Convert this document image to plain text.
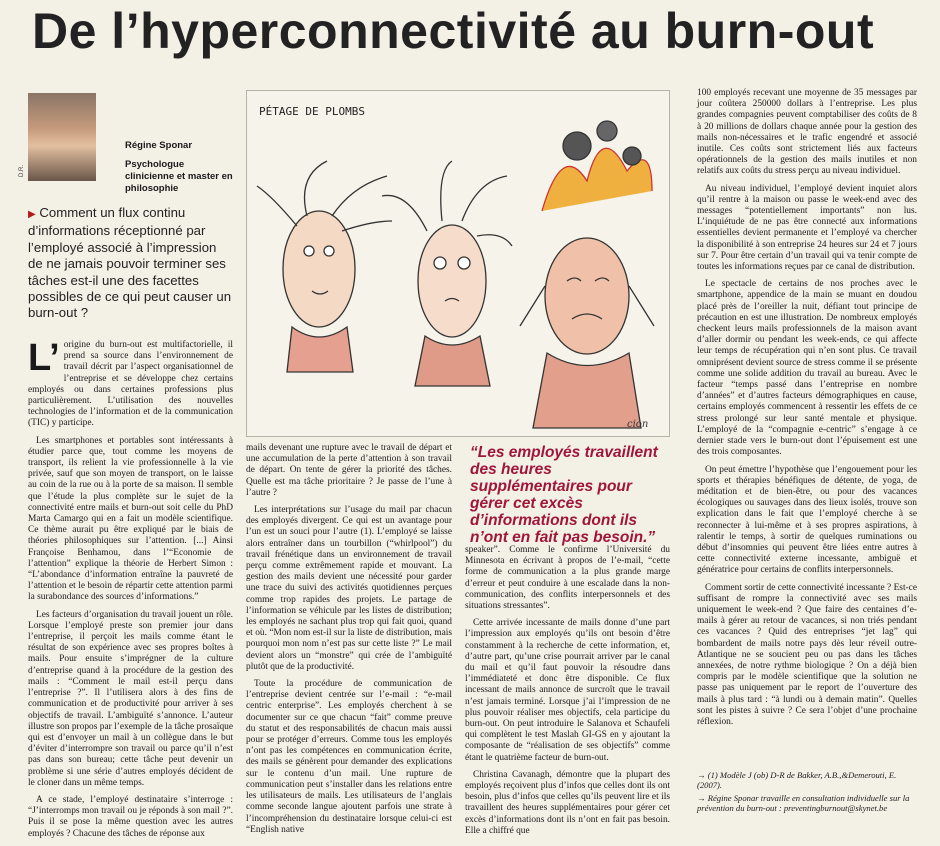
De l’hyperconnectivité au burn-out
D.R.
Régine Sponar
Psychologue clinicienne et master en philosophie
▶ Comment un flux continu d’informations réceptionné par l’employé associé à l’impression de ne jamais pouvoir terminer ses tâches est-il une des facettes possibles de ce qui peut causer un burn-out ?
PÉTAGE DE PLOMBS
cion

L’ origine du burn-out est multifactorielle, il prend sa source dans l’environnement de travail décrit par l’aspect organisationnel de l’entreprise et se développe chez certains employés ou dans certaines professions plus particulièrement. L’utilisation des nouvelles technologies de l’information et de la communication (TIC) y participe.

Les smartphones et portables sont intéressants à étudier parce que, tout comme les moyens de transport, ils relient la vie professionnelle à la vie privée, sauf que son moyen de transport, on le laisse au coin de la rue ou à la porte de sa maison. Il semble que l’étude la plus complète sur le sujet de la connectivité entre mails et burn-out soit celle du PhD Marta Camargo qui en a fait un modèle scientifique. Ce thème aurait pu être expliqué par le biais de théories philosophiques sur l’attention. [...] Ainsi Françoise Benhamou, dans l’“Economie de l’attention” explique la théorie de Herbert Simon : “L’abondance d’information entraîne la pauvreté de l’attention et le besoin de répartir cette attention parmi la surabondance des sources d’informations.”

Les facteurs d’organisation du travail jouent un rôle. Lorsque l’employé preste son premier jour dans l’entreprise, il perçoit les mails comme étant le résultat de son expérience avec ses propres boîtes à mails. Pour ensuite s’imprégner de la culture d’entreprise quand à la procédure de la gestion des mails : “Comment le mail est-il perçu dans l’entreprise ?”. Il l’utilisera alors à des fins de communication et de productivité pour arriver à ses objectifs de travail. L’ambiguïté s’annonce. L’auteur illustre son propos par l’exemple de la tâche prosaïque qui est d’envoyer un mail à un collègue dans le but d’éviter d’interrompre son travail ou parce qu’il n’est pas dans son bureau; cette tâche peut devenir un problème si une série d’autres employés décident de le cloner dans un même temps.

A ce stade, l’employé destinataire s’interroge : “J’interromps mon travail ou je réponds à son mail ?”. Puis il se pose la même question avec les autres employés ? Chacune des tâches de réponse aux

mails devenant une rupture avec le travail de départ et une accumulation de la perte d’attention à son travail de départ. On tente de gérer la priorité des tâches. Quelle est ma tâche prioritaire ? Je passe de l’une à l’autre ?

Les interprétations sur l’usage du mail par chacun des employés divergent. Ce qui est un avantage pour l’un est un souci pour l’autre (1). L’employé se laisse alors entraîner dans un tourbillon (“whirlpool”) du travail frénétique dans un environnement de travail perçu comme extrêmement rapide et mouvant. La gestion des mails devient une nécessité pour garder une trace du suivi des activités quotidiennes perçues comme trop rapides des projets. Le partage de l’information se véhicule par les listes de distribution; les employés ne sachant plus trop qui fait quoi, quand et où. “Mon nom est-il sur la liste de distribution, mais pourquoi mon nom n’est pas sur cette liste ?” Le mail devient alors un “monstre” qui crée de l’ambiguïté plutôt que de la productivité.

Toute la procédure de communication de l’entreprise devient centrée sur l’e-mail : “e-mail centric enterprise”. Les employés cherchent à se documenter sur ce que chacun “fait” comme preuve du statut et des responsabilités de chacun mais aussi pour se protéger d’erreurs. Comme tous les employés n’ont pas les compétences en communication écrite, des mails se génèrent pour demander des explications sur le contenu d’un mail. Une rupture de communication peut s’installer dans les relations entre les utilisateurs de mails. Les utilisateurs de l’anglais comme seconde langue ajoutent parfois une strate à l’incompréhension du destinataire lorsque celui-ci est “English native

“Les employés travaillent des heures supplémentaires pour gérer cet excès d’informations dont ils n’ont en fait pas besoin.”

speaker”. Comme le confirme l’Université du Minnesota en écrivant à propos de l’e-mail, “cette forme de communication a la plus grande marge d’erreur et peut conduire à une escalade dans la non-communication, des conflits interpersonnels et des situations stressantes”.

Cette arrivée incessante de mails donne d’une part l’impression aux employés qu’ils ont besoin d’être constamment à la recherche de cette information, et, d’autre part, qu’une crise pourrait arriver par le canal du mail et qu’il faut pouvoir la résoudre dans l’immédiateté et donc être disponible. Ce flux incessant de mails annonce de surcroît que le travail n’est jamais terminé. Lorsque j’ai l’impression de ne plus pouvoir réaliser mes objectifs, cela participe du burn-out. On peut introduire le Salanova et Schaufeli qui complètent le test Maslah GI-GS en y ajoutant la composante de “réalisation de ses objectifs” comme étant le quatrième facteur de burn-out.

Christina Cavanagh, démontre que la plupart des employés reçoivent plus d’infos que celles dont ils ont besoin, plus d’infos que celles qu’ils peuvent lire et ils travaillent des heures supplémentaires pour gérer cet excès d’informations dont ils n’ont en fait pas besoin. Elle a chiffré que

100 employés recevant une moyenne de 35 messages par jour coûtera 250000 dollars à l’entreprise. Les plus grandes compagnies peuvent comptabiliser des coûts de 8 à 20 millions de dollars chaque année pour la gestion des mails non-nécessaires et le trafic engendré et associé inutile. Ces coûts sont strictement liés aux facteurs opérationnels de la gestion des mails inutiles et non relatifs aux coûts du stress perçu au niveau individuel.

Au niveau individuel, l’employé devient inquiet alors qu’il rentre à la maison ou passe le week-end avec des messages “potentiellement importants” non lus. L’inquiétude de ne pas être connecté aux informations essentielles devient permanente et l’employé va chercher la disponibilité à son entreprise 24 heures sur 24 et 7 jours sur 7. Pour être certain d’un travail qui va tenir compte de toutes les informations reçues par ce canal de distribution.

Le spectacle de certains de nos proches avec le smartphone, appendice de la main se muant en doudou placé près de l’oreiller la nuit, défiant tout principe de précaution en est une illustration. De nombreux employés checkent leurs mails professionnels de la maison avant d’aller dormir ou pendant les week-ends, ce qui affecte leur temps de récupération qui n’en sont plus. Ce travail omniprésent devient source de stress comme il se présente comme une solide addition du travail au bureau. Avec le facteur “temps passé dans l’entreprise en nombre d’années” et d’autres facteurs démographiques en cause, certains employés commencent à ressentir les effets de ce stress prolongé sur leur santé mentale et physique. L’employé de la “compagnie e-centric” s’engage à ce dernier stade vers le burn-out dont l’épuisement est une des trois composantes.

On peut émettre l’hypothèse que l’engouement pour les sports et thérapies bénéfiques de détente, de yoga, de méditation et de bien-être, ou pour des vacances écologiques ou sauvages dans des lieux isolés, trouve son explication dans le fait que l’employé cherche à se reconnecter à lui-même et à ses propres aspirations, à ralentir le temps, à sortir de quelques ruminations ou début d’insomnies qui peuvent être liées entre autres à cette connectivité externe incessante, ambiguë et génératrice pour certains de conflits interpersonnels.

Comment sortir de cette connectivité incessante ? Est-ce suffisant de rompre la connectivité avec ses mails uniquement le week-end ? Que faire des centaines d’e-mails à gérer au retour de vacances, si non triés pendant ces vacances ? Quid des entreprises “jet lag” qui bombardent de mails notre pays dès leur réveil outre-Atlantique ne se soucient peu ou pas dans les tâches annexées, de notre rythme biologique ? On a déjà bien compris par le modèle scientifique que la solution ne passe pas uniquement par le report de l’ouverture des mails à plus tard : “à lundi ou à demain matin”. Quelles sont les pistes à suivre ? Ce sera l’objet d’une prochaine réflexion.

→ (1) Modèle J (ob) D-R de Bakker, A.B.,&Demerouti, E. (2007).
→ Régine Sponar travaille en consultation individuelle sur la prévention du burn-out : preventingburnout@skynet.be
